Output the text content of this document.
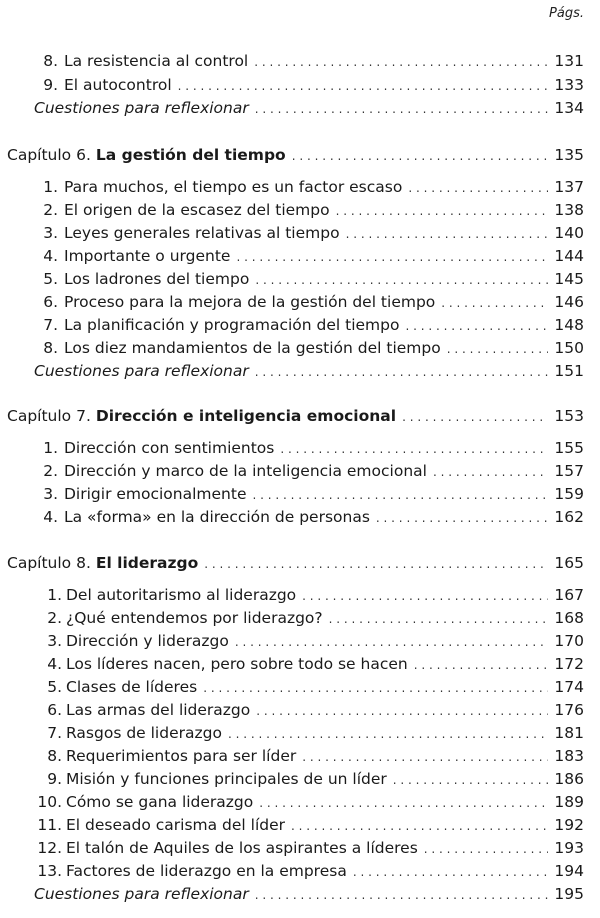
Págs.
8. La resistencia al control . . .	131
9. El autocontrol . . .	133
Cuestiones para reflexionar . . .	134
Capítulo 6. La gestión del tiempo . . .	135
1. Para muchos, el tiempo es un factor escaso . . .	137
2. El origen de la escasez del tiempo . . .	138
3. Leyes generales relativas al tiempo . . .	140
4. Importante o urgente . . .	144
5. Los ladrones del tiempo . . .	145
6. Proceso para la mejora de la gestión del tiempo . . .	146
7. La planificación y programación del tiempo . . .	148
8. Los diez mandamientos de la gestión del tiempo . . .	150
Cuestiones para reflexionar . . .	151
Capítulo 7. Dirección e inteligencia emocional . . .	153
1. Dirección con sentimientos . . .	155
2. Dirección y marco de la inteligencia emocional . . .	157
3. Dirigir emocionalmente . . .	159
4. La «forma» en la dirección de personas . . .	162
Capítulo 8. El liderazgo . . .	165
1. Del autoritarismo al liderazgo . . .	167
2. ¿Qué entendemos por liderazgo? . . .	168
3. Dirección y liderazgo . . .	170
4. Los líderes nacen, pero sobre todo se hacen . . .	172
5. Clases de líderes . . .	174
6. Las armas del liderazgo . . .	176
7. Rasgos de liderazgo . . .	181
8. Requerimientos para ser líder . . .	183
9. Misión y funciones principales de un líder . . .	186
10. Cómo se gana liderazgo . . .	189
11. El deseado carisma del líder . . .	192
12. El talón de Aquiles de los aspirantes a líderes . . .	193
13. Factores de liderazgo en la empresa . . .	194
Cuestiones para reflexionar . . .	195
